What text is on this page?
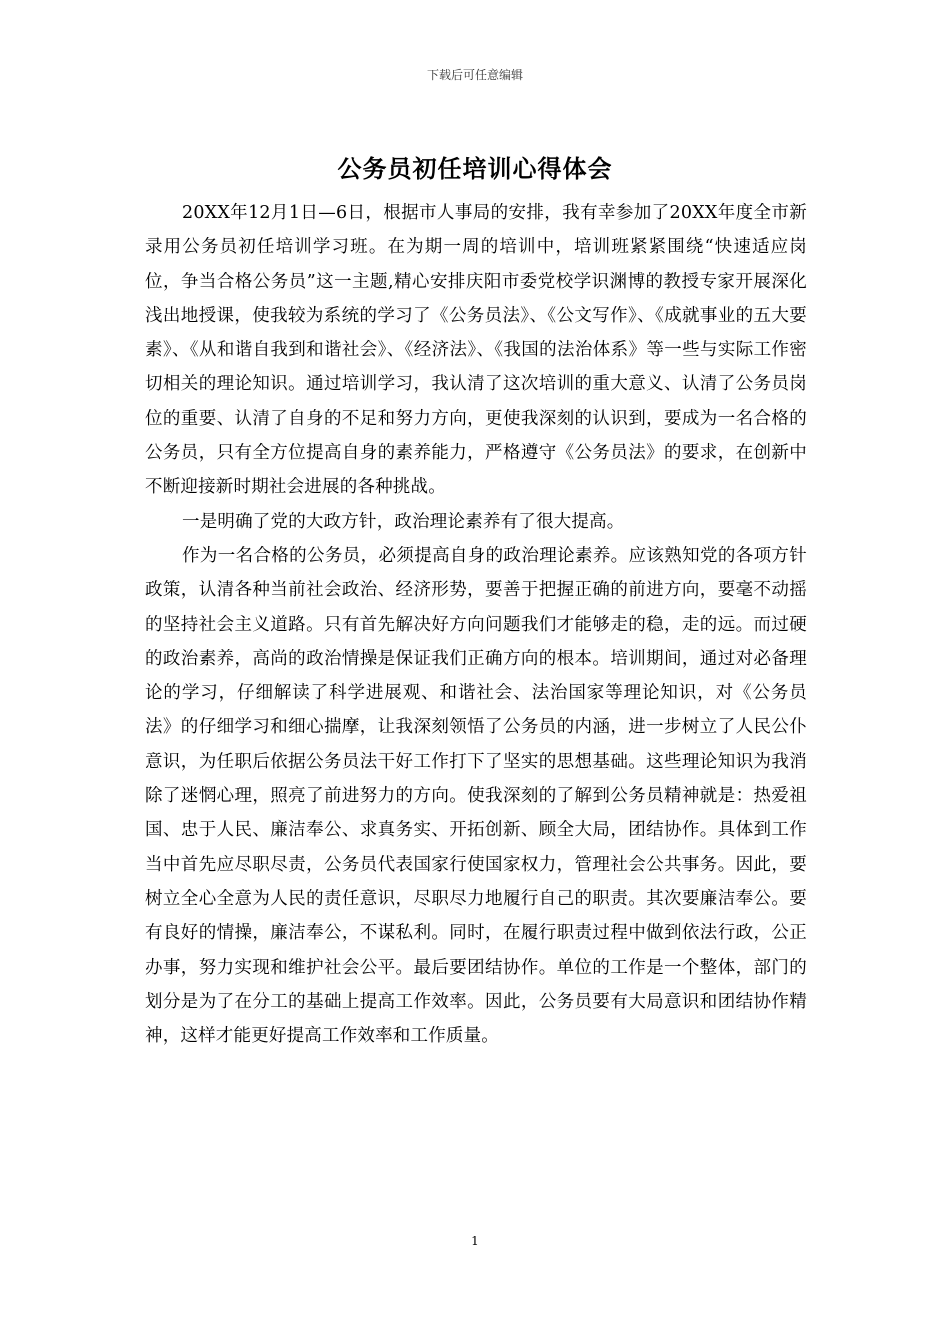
下载后可任意编辑
公务员初任培训心得体会

20XX年12月1日—6日，根据市人事局的安排，我有幸参加了20XX年度全市新录用公务员初任培训学习班。在为期一周的培训中，培训班紧紧围绕“快速适应岗位，争当合格公务员”这一主题,精心安排庆阳市委党校学识渊博的教授专家开展深化浅出地授课，使我较为系统的学习了《公务员法》、《公文写作》、《成就事业的五大要素》、《从和谐自我到和谐社会》、《经济法》、《我国的法治体系》等一些与实际工作密切相关的理论知识。通过培训学习，我认清了这次培训的重大意义、认清了公务员岗位的重要、认清了自身的不足和努力方向，更使我深刻的认识到，要成为一名合格的公务员，只有全方位提高自身的素养能力，严格遵守《公务员法》的要求，在创新中不断迎接新时期社会进展的各种挑战。

一是明确了党的大政方针，政治理论素养有了很大提高。

作为一名合格的公务员，必须提高自身的政治理论素养。应该熟知党的各项方针政策，认清各种当前社会政治、经济形势，要善于把握正确的前进方向，要毫不动摇的坚持社会主义道路。只有首先解决好方向问题我们才能够走的稳，走的远。而过硬的政治素养，高尚的政治情操是保证我们正确方向的根本。培训期间，通过对必备理论的学习，仔细解读了科学进展观、和谐社会、法治国家等理论知识，对《公务员法》的仔细学习和细心揣摩，让我深刻领悟了公务员的内涵，进一步树立了人民公仆意识，为任职后依据公务员法干好工作打下了坚实的思想基础。这些理论知识为我消除了迷惘心理，照亮了前进努力的方向。使我深刻的了解到公务员精神就是：热爱祖国、忠于人民、廉洁奉公、求真务实、开拓创新、顾全大局，团结协作。具体到工作当中首先应尽职尽责，公务员代表国家行使国家权力，管理社会公共事务。因此，要树立全心全意为人民的责任意识，尽职尽力地履行自己的职责。其次要廉洁奉公。要有良好的情操，廉洁奉公，不谋私利。同时，在履行职责过程中做到依法行政，公正办事，努力实现和维护社会公平。最后要团结协作。单位的工作是一个整体，部门的划分是为了在分工的基础上提高工作效率。因此，公务员要有大局意识和团结协作精神，这样才能更好提高工作效率和工作质量。

1
